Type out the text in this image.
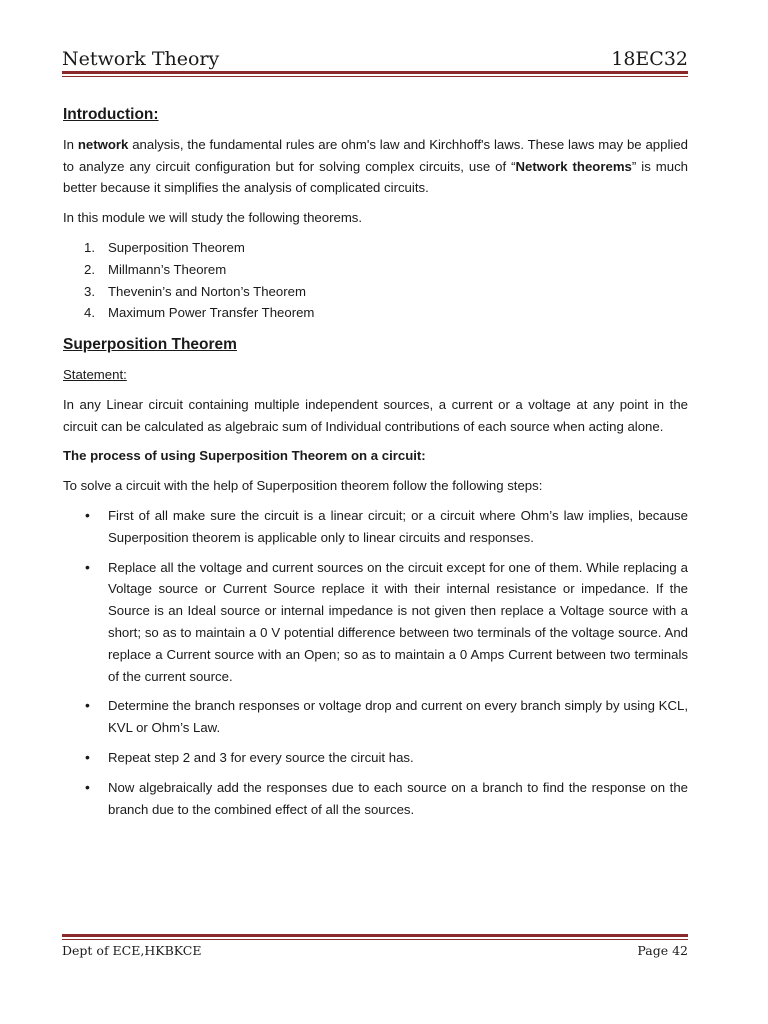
Network Theory	18EC32
Introduction:

In network analysis, the fundamental rules are ohm's law and Kirchhoff's laws. These laws may be applied to analyze any circuit configuration but for solving complex circuits, use of “Network theorems” is much better because it simplifies the analysis of complicated circuits.

In this module we will study the following theorems.

1. Superposition Theorem
2. Millmann’s Theorem
3. Thevenin’s and Norton’s Theorem
4. Maximum Power Transfer Theorem
Superposition Theorem

Statement:

In any Linear circuit containing multiple independent sources, a current or a voltage at any point in the circuit can be calculated as algebraic sum of Individual contributions of each source when acting alone.

The process of using Superposition Theorem on a circuit:

To solve a circuit with the help of Superposition theorem follow the following steps:

• First of all make sure the circuit is a linear circuit; or a circuit where Ohm’s law implies, because Superposition theorem is applicable only to linear circuits and responses.
• Replace all the voltage and current sources on the circuit except for one of them. While replacing a Voltage source or Current Source replace it with their internal resistance or impedance. If the Source is an Ideal source or internal impedance is not given then replace a Voltage source with a short; so as to maintain a 0 V potential difference between two terminals of the voltage source. And replace a Current source with an Open; so as to maintain a 0 Amps Current between two terminals of the current source.
• Determine the branch responses or voltage drop and current on every branch simply by using KCL, KVL or Ohm’s Law.
• Repeat step 2 and 3 for every source the circuit has.
• Now algebraically add the responses due to each source on a branch to find the response on the branch due to the combined effect of all the sources.
Dept of ECE,HKBKCE	Page 42
